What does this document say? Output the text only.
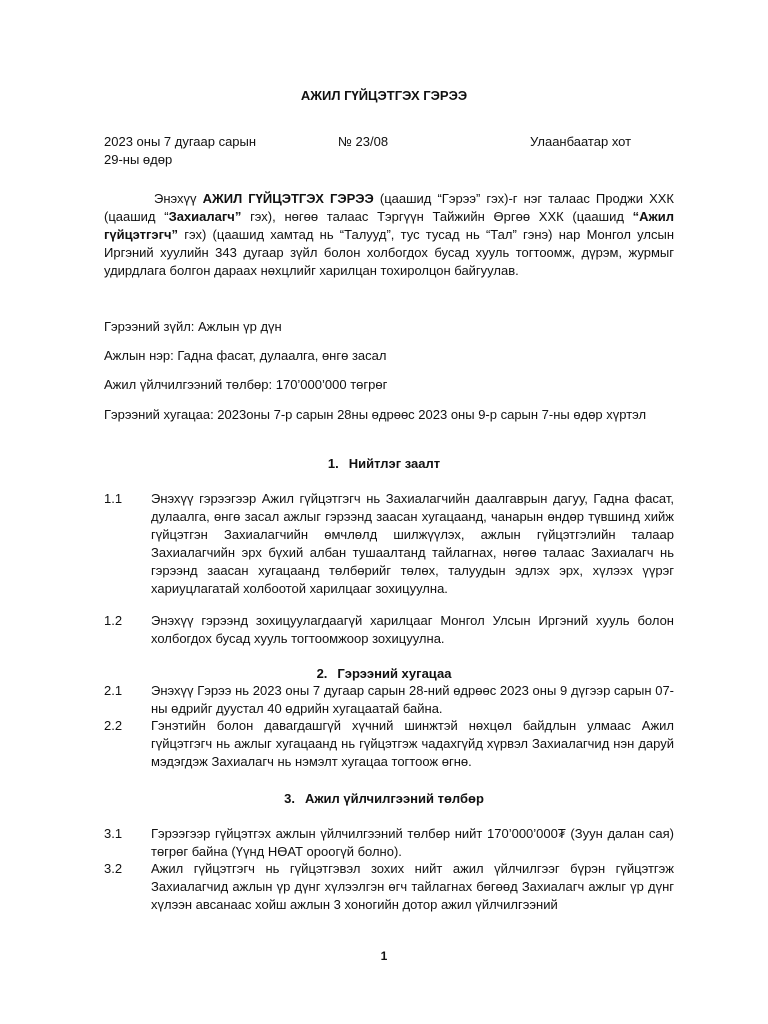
АЖИЛ ГҮЙЦЭТГЭХ ГЭРЭЭ
2023 оны 7 дугаар сарын 29-ны өдөр
№ 23/08	Улаанбаатар хот
Энэхүү АЖИЛ ГҮЙЦЭТГЭХ ГЭРЭЭ (цаашид “Гэрээ” гэх)-г нэг талаас Проджи ХХК (цаашид “Захиалагч” гэх), нөгөө талаас Тэргүүн Тайжийн Өргөө ХХК (цаашид “Ажил гүйцэтгэгч” гэх) (цаашид хамтад нь “Талууд”, тус тусад нь “Тал” гэнэ) нар Монгол улсын Иргэний хуулийн 343 дугаар зүйл болон холбогдох бусад хууль тогтоомж, дүрэм, журмыг удирдлага болгон дараах нөхцлийг харилцан тохиролцон байгуулав.
Гэрээний зүйл: Ажлын үр дүн
Ажлын нэр: Гадна фасат, дулаалга, өнгө засал
Ажил үйлчилгээний төлбөр: 170’000’000 төгрөг
Гэрээний хугацаа: 2023оны 7-р сарын 28ны өдрөөс 2023 оны 9-р сарын 7-ны өдөр хүртэл
1. Нийтлэг заалт
1.1	Энэхүү гэрээгээр Ажил гүйцэтгэгч нь Захиалагчийн даалгаврын дагуу, Гадна фасат, дулаалга, өнгө засал ажлыг гэрээнд заасан хугацаанд, чанарын өндөр түвшинд хийж гүйцэтгэн Захиалагчийн өмчлөлд шилжүүлэх, ажлын гүйцэтгэлийн талаар Захиалагчийн эрх бүхий албан тушаалтанд тайлагнах, нөгөө талаас Захиалагч нь гэрээнд заасан хугацаанд төлбөрийг төлөх, талуудын эдлэх эрх, хүлээх үүрэг хариуцлагатай холбоотой харилцааг зохицуулна.
1.2	Энэхүү гэрээнд зохицуулагдаагүй харилцааг Монгол Улсын Иргэний хууль болон холбогдох бусад хууль тогтоомжоор зохицуулна.
2. Гэрээний хугацаа
2.1	Энэхүү Гэрээ нь 2023 оны 7 дугаар сарын 28-ний өдрөөс 2023 оны 9 дүгээр сарын 07-ны өдрийг дуустал 40 өдрийн хугацаатай байна.
2.2	Гэнэтийн болон давагдашгүй хүчний шинжтэй нөхцөл байдлын улмаас Ажил гүйцэтгэгч нь ажлыг хугацаанд нь гүйцэтгэж чадахгүйд хүрвэл Захиалагчид нэн даруй мэдэгдэж Захиалагч нь нэмэлт хугацаа тогтоож өгнө.
3. Ажил үйлчилгээний төлбөр
3.1	Гэрээгээр гүйцэтгэх ажлын үйлчилгээний төлбөр нийт 170’000’000₮ (Зуун далан сая) төгрөг байна (Үүнд НӨАТ ороогүй болно).
3.2	Ажил гүйцэтгэгч нь гүйцэтгэвэл зохих нийт ажил үйлчилгээг бүрэн гүйцэтгэж Захиалагчид ажлын үр дүнг хүлээлгэн өгч тайлагнах бөгөөд Захиалагч ажлыг үр дүнг хүлээн авсанаас хойш ажлын 3 хоногийн дотор ажил үйлчилгээний
1
